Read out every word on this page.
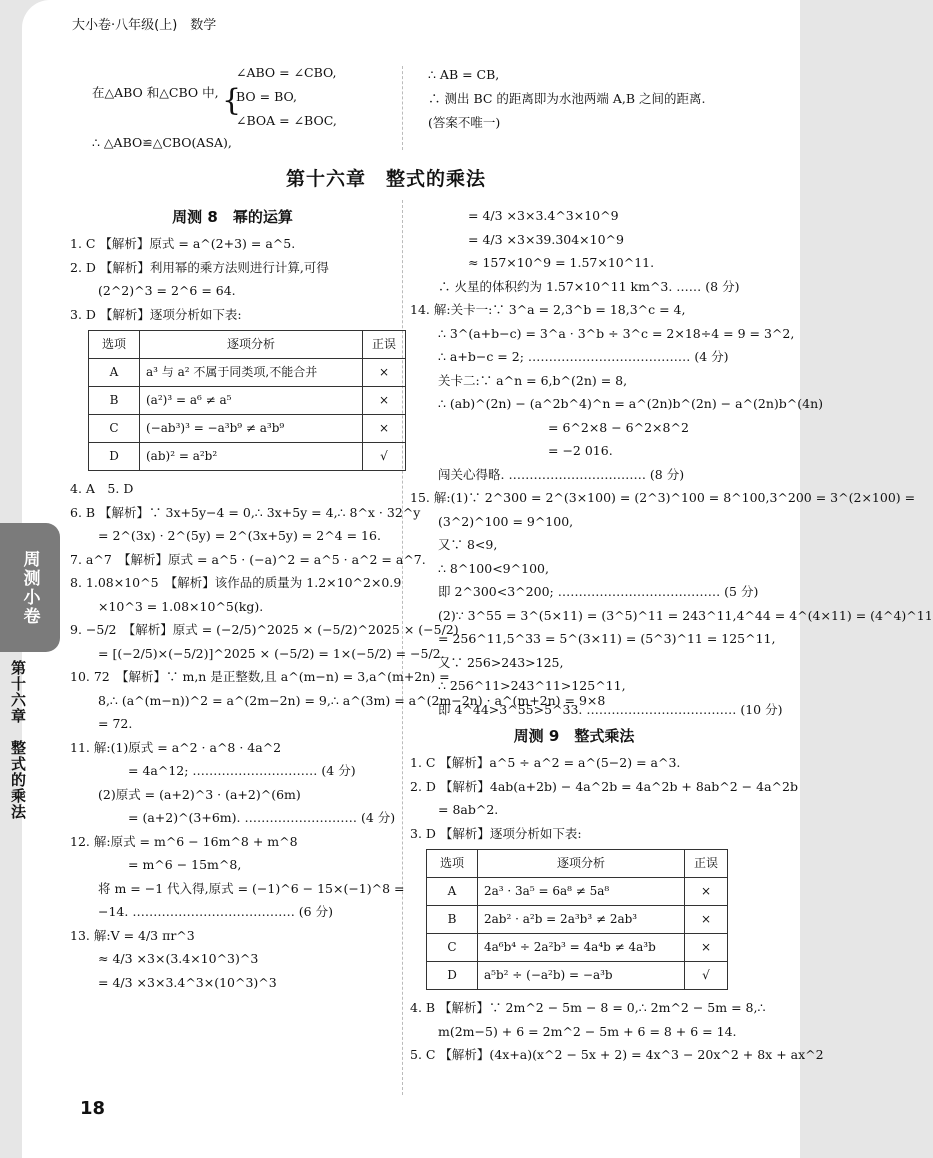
大小卷·八年级(上)　数学
周测小卷
第十六章　整式的乘法
在△ABO 和△CBO 中, {
∠ABO = ∠CBO,
BO = BO,
∠BOA = ∠BOC,
∴ △ABO≌△CBO(ASA),
∴ AB = CB,
∴ 测出 BC 的距离即为水池两端 A,B 之间的距离.
(答案不唯一)
第十六章　整式的乘法
周测 8　幂的运算

1. C 【解析】原式 = a^(2+3) = a^5.

2. D 【解析】利用幂的乘方法则进行计算,可得

(2^2)^3 = 2^6 = 64.

3. D 【解析】逐项分析如下表:

选项	逐项分析	正误
A	a³ 与 a² 不属于同类项,不能合并	×
B	(a²)³ = a⁶ ≠ a⁵	×
C	(−ab³)³ = −a³b⁹ ≠ a³b⁹	×
D	(ab)² = a²b²	√

4. A　5. D

6. B 【解析】∵ 3x+5y−4 = 0,∴ 3x+5y = 4,∴ 8^x · 32^y

= 2^(3x) · 2^(5y) = 2^(3x+5y) = 2^4 = 16.

7. a^7　【解析】原式 = a^5 · (−a)^2 = a^5 · a^2 = a^7.

8. 1.08×10^5　【解析】该作品的质量为 1.2×10^2×0.9

×10^3 = 1.08×10^5(kg).

9. −5/2　【解析】原式 = (−2/5)^2025 × (−5/2)^2025 × (−5/2)

= [(−2/5)×(−5/2)]^2025 × (−5/2) = 1×(−5/2) = −5/2.

10. 72　【解析】∵ m,n 是正整数,且 a^(m−n) = 3,a^(m+2n) =

8,∴ (a^(m−n))^2 = a^(2m−2n) = 9,∴ a^(3m) = a^(2m−2n) · a^(m+2n) = 9×8

= 72.

11. 解:(1)原式 = a^2 · a^8 · 4a^2

= 4a^12; ………………………… (4 分)

(2)原式 = (a+2)^3 · (a+2)^(6m)

= (a+2)^(3+6m). ……………………… (4 分)

12. 解:原式 = m^6 − 16m^8 + m^8

= m^6 − 15m^8,

将 m = −1 代入得,原式 = (−1)^6 − 15×(−1)^8 =

−14. ………………………………… (6 分)

13. 解:V = 4/3 πr^3

≈ 4/3 ×3×(3.4×10^3)^3

= 4/3 ×3×3.4^3×(10^3)^3

= 4/3 ×3×3.4^3×10^9

= 4/3 ×3×39.304×10^9

≈ 157×10^9 = 1.57×10^11.

∴ 火星的体积约为 1.57×10^11 km^3. …… (8 分)

14. 解:关卡一:∵ 3^a = 2,3^b = 18,3^c = 4,

∴ 3^(a+b−c) = 3^a · 3^b ÷ 3^c = 2×18÷4 = 9 = 3^2,

∴ a+b−c = 2; ………………………………… (4 分)

关卡二:∵ a^n = 6,b^(2n) = 8,

∴ (ab)^(2n) − (a^2b^4)^n = a^(2n)b^(2n) − a^(2n)b^(4n)

= 6^2×8 − 6^2×8^2

= −2 016.

闯关心得略. …………………………… (8 分)

15. 解:(1)∵ 2^300 = 2^(3×100) = (2^3)^100 = 8^100,3^200 = 3^(2×100) =

(3^2)^100 = 9^100,

又∵ 8<9,

∴ 8^100<9^100,

即 2^300<3^200; ………………………………… (5 分)

(2)∵ 3^55 = 3^(5×11) = (3^5)^11 = 243^11,4^44 = 4^(4×11) = (4^4)^11

= 256^11,5^33 = 5^(3×11) = (5^3)^11 = 125^11,

又∵ 256>243>125,

∴ 256^11>243^11>125^11,

即 4^44>3^55>5^33. ……………………………… (10 分)

周测 9　整式乘法

1. C 【解析】a^5 ÷ a^2 = a^(5−2) = a^3.

2. D 【解析】4ab(a+2b) − 4a^2b = 4a^2b + 8ab^2 − 4a^2b

= 8ab^2.

3. D 【解析】逐项分析如下表:

选项	逐项分析	正误
A	2a³ · 3a⁵ = 6a⁸ ≠ 5a⁸	×
B	2ab² · a²b = 2a³b³ ≠ 2ab³	×
C	4a⁶b⁴ ÷ 2a²b³ = 4a⁴b ≠ 4a³b	×
D	a⁵b² ÷ (−a²b) = −a³b	√

4. B 【解析】∵ 2m^2 − 5m − 8 = 0,∴ 2m^2 − 5m = 8,∴

m(2m−5) + 6 = 2m^2 − 5m + 6 = 8 + 6 = 14.

5. C 【解析】(4x+a)(x^2 − 5x + 2) = 4x^3 − 20x^2 + 8x + ax^2

18
